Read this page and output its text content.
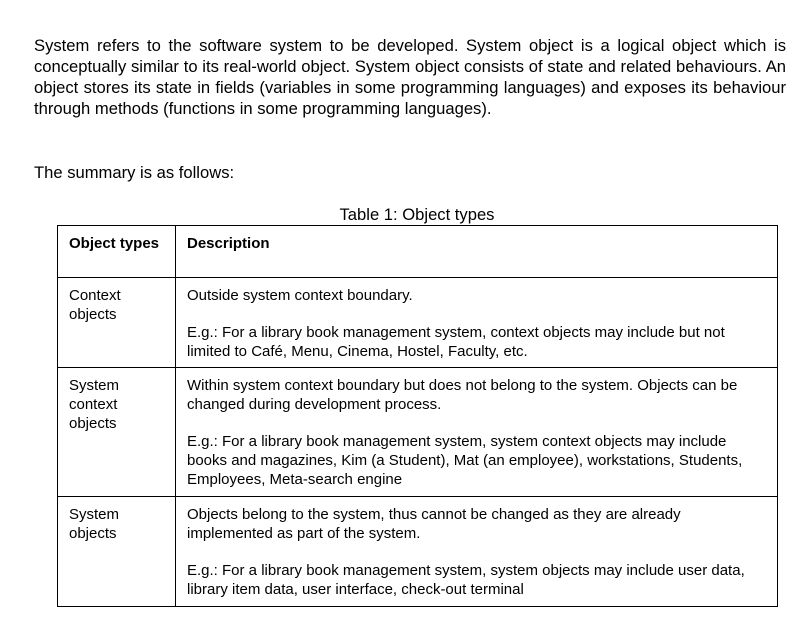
System refers to the software system to be developed. System object is a logical object which is conceptually similar to its real-world object. System object consists of state and related behaviours. An object stores its state in fields (variables in some programming languages) and exposes its behaviour through methods (functions in some programming languages).

The summary is as follows:

Table 1: Object types

Object types	Description

Context objects	Outside system context boundary.

E.g.: For a library book management system, context objects may include but not limited to Café, Menu, Cinema, Hostel, Faculty, etc.

System context objects	Within system context boundary but does not belong to the system. Objects can be changed during development process.

E.g.: For a library book management system, system context objects may include books and magazines, Kim (a Student), Mat (an employee), workstations, Students, Employees, Meta-search engine

System objects	Objects belong to the system, thus cannot be changed as they are already implemented as part of the system.

E.g.: For a library book management system, system objects may include user data, library item data, user interface, check-out terminal
